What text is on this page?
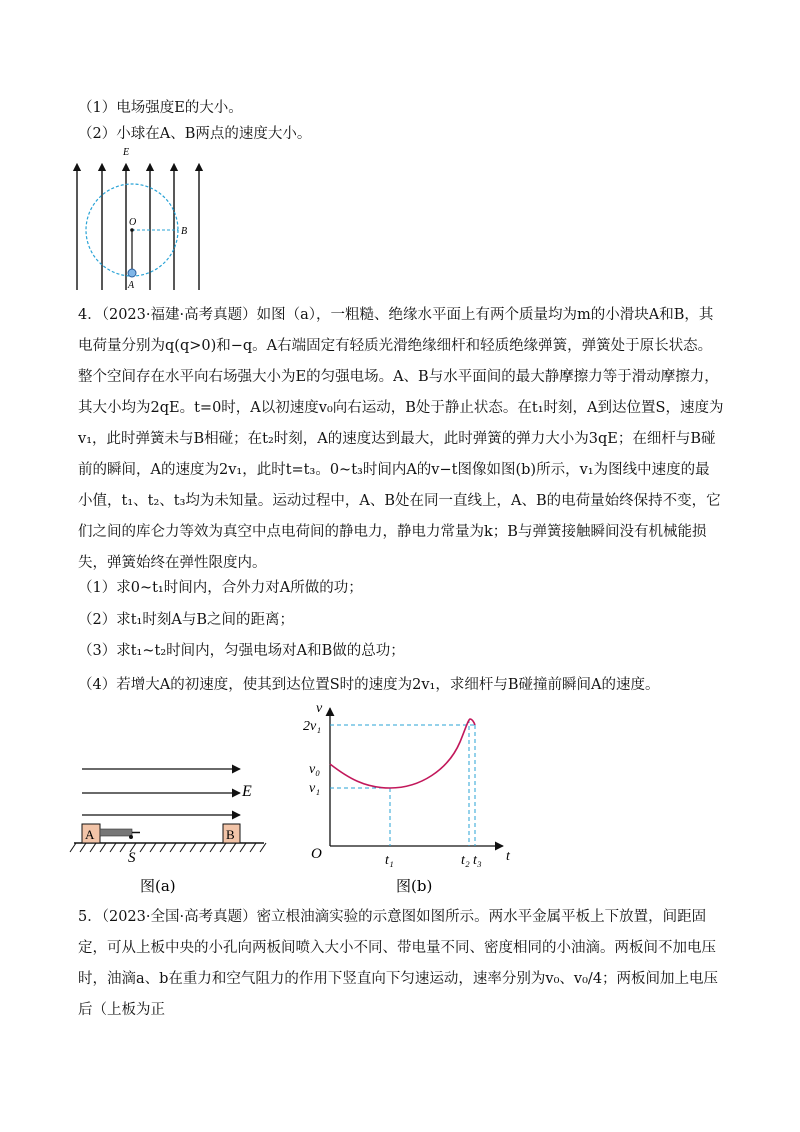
（1）电场强度E的大小。
（2）小球在A、B两点的速度大小。
E
O
B
A
4．（2023·福建·高考真题）如图（a），一粗糙、绝缘水平面上有两个质量均为m的小滑块A和B，其电荷量分别为q(q>0)和−q。A右端固定有轻质光滑绝缘细杆和轻质绝缘弹簧，弹簧处于原长状态。整个空间存在水平向右场强大小为E的匀强电场。A、B与水平面间的最大静摩擦力等于滑动摩擦力，其大小均为2qE。t=0时，A以初速度v₀向右运动，B处于静止状态。在t₁时刻，A到达位置S，速度为v₁，此时弹簧未与B相碰；在t₂时刻，A的速度达到最大，此时弹簧的弹力大小为3qE；在细杆与B碰前的瞬间，A的速度为2v₁，此时t=t₃。0~t₃时间内A的v−t图像如图(b)所示，v₁为图线中速度的最小值，t₁、t₂、t₃均为未知量。运动过程中，A、B处在同一直线上，A、B的电荷量始终保持不变，它们之间的库仑力等效为真空中点电荷间的静电力，静电力常量为k；B与弹簧接触瞬间没有机械能损失，弹簧始终在弹性限度内。
（1）求0~t₁时间内，合外力对A所做的功；
（2）求t₁时刻A与B之间的距离；
（3）求t₁~t₂时间内，匀强电场对A和B做的总功；
（4）若增大A的初速度，使其到达位置S时的速度为2v₁，求细杆与B碰撞前瞬间A的速度。
E
A
S
B
图(a)
v
t
O
2v₁
v₀
v₁
t₁	t₂ t₃
图(b)
5．（2023·全国·高考真题）密立根油滴实验的示意图如图所示。两水平金属平板上下放置，间距固定，可从上板中央的小孔向两板间喷入大小不同、带电量不同、密度相同的小油滴。两板间不加电压时，油滴a、b在重力和空气阻力的作用下竖直向下匀速运动，速率分别为v₀、v₀/4；两板间加上电压后（上板为正
